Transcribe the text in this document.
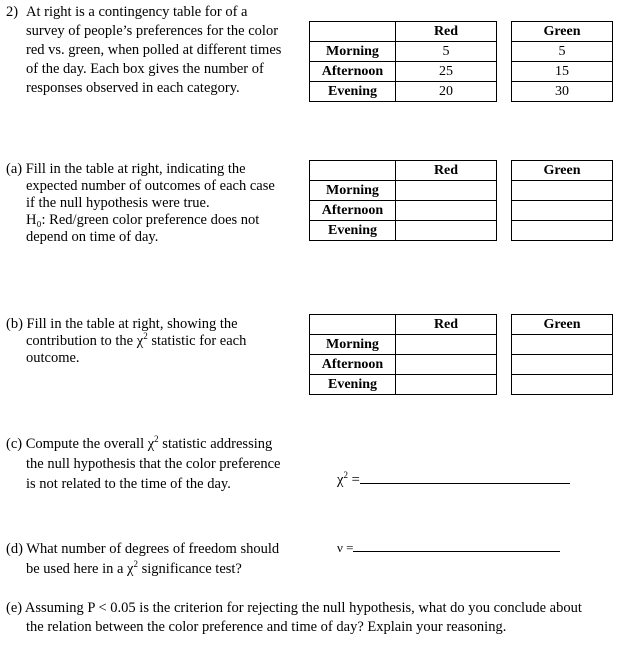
2) At right is a contingency table for of a
survey of people’s preferences for the color
red vs. green, when polled at different times
of the day. Each box gives the number of
responses observed in each category.
	Red		Green
Morning	5		5
Afternoon	25		15
Evening	20		30
(a) Fill in the table at right, indicating the
expected number of outcomes of each case
if the null hypothesis were true.
H₀: Red/green color preference does not
depend on time of day.
	Red		Green
Morning			
Afternoon			
Evening			
(b) Fill in the table at right, showing the
contribution to the $\chi^2$ statistic for each
outcome.
	Red		Green
Morning			
Afternoon			
Evening			
(c) Compute the overall $\chi^2$ statistic addressing
the null hypothesis that the color preference
is not related to the time of the day.	$\chi^2$ =
(d) What number of degrees of freedom should
be used here in a $\chi^2$ significance test?
ν =
(e) Assuming P < 0.05 is the criterion for rejecting the null hypothesis, what do you conclude about
the relation between the color preference and time of day? Explain your reasoning.
